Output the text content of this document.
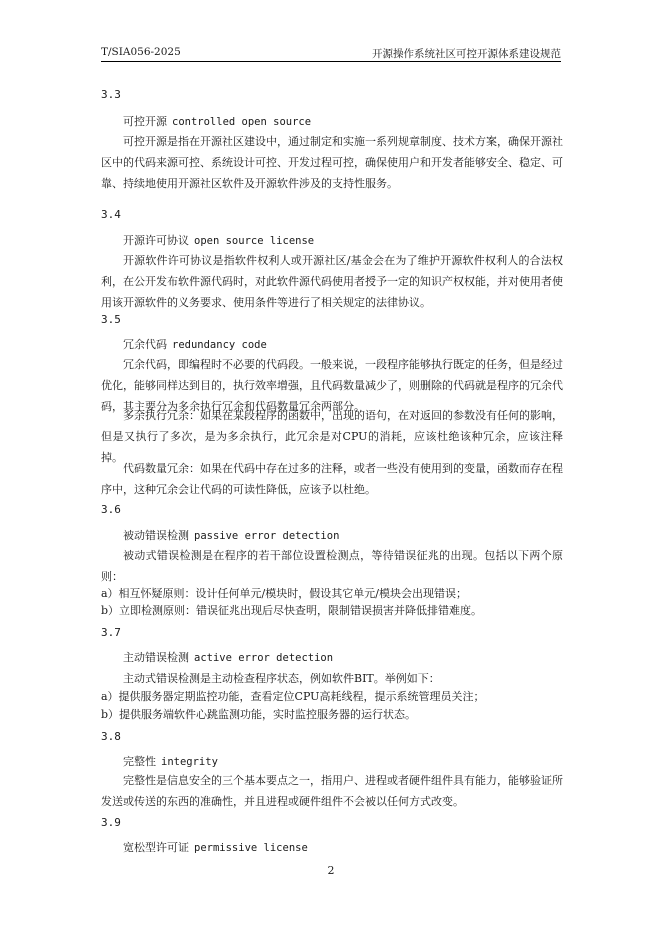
T/SIA056-2025	开源操作系统社区可控开源体系建设规范
3.3
可控开源 controlled open source
可控开源是指在开源社区建设中，通过制定和实施一系列规章制度、技术方案，确保开源社区中的代码来源可控、系统设计可控、开发过程可控，确保使用户和开发者能够安全、稳定、可靠、持续地使用开源社区软件及开源软件涉及的支持性服务。
3.4
开源许可协议 open source license
开源软件许可协议是指软件权利人或开源社区/基金会在为了维护开源软件权利人的合法权利，在公开发布软件源代码时，对此软件源代码使用者授予一定的知识产权权能，并对使用者使用该开源软件的义务要求、使用条件等进行了相关规定的法律协议。
3.5
冗余代码 redundancy code
冗余代码，即编程时不必要的代码段。一般来说，一段程序能够执行既定的任务，但是经过优化，能够同样达到目的，执行效率增强，且代码数量减少了，则删除的代码就是程序的冗余代码，其主要分为多余执行冗余和代码数量冗余两部分。
多余执行冗余：如果在某段程序的函数中，出现的语句，在对返回的参数没有任何的影响，但是又执行了多次，是为多余执行，此冗余是对CPU的消耗，应该杜绝该种冗余，应该注释掉。
代码数量冗余：如果在代码中存在过多的注释，或者一些没有使用到的变量，函数而存在程序中，这种冗余会让代码的可读性降低，应该予以杜绝。
3.6
被动错误检测 passive error detection
被动式错误检测是在程序的若干部位设置检测点，等待错误征兆的出现。包括以下两个原则：
a）相互怀疑原则：设计任何单元/模块时，假设其它单元/模块会出现错误；
b）立即检测原则：错误征兆出现后尽快查明，限制错误损害并降低排错难度。
3.7
主动错误检测 active error detection
主动式错误检测是主动检查程序状态，例如软件BIT。举例如下：
a）提供服务器定期监控功能，查看定位CPU高耗线程，提示系统管理员关注；
b）提供服务端软件心跳监测功能，实时监控服务器的运行状态。
3.8
完整性 integrity
完整性是信息安全的三个基本要点之一，指用户、进程或者硬件组件具有能力，能够验证所发送或传送的东西的准确性，并且进程或硬件组件不会被以任何方式改变。
3.9
宽松型许可证 permissive license
2
